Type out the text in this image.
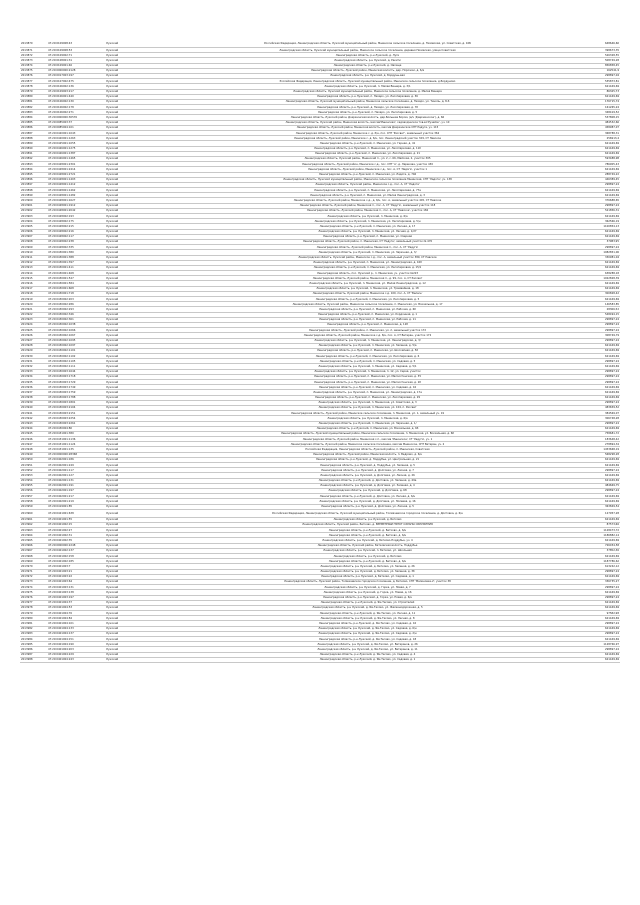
2013870	47:29:0109008:43	Лужский	Российская Федерация, Ленинградская область, Лужский муниципальный район, Мшинское сельское поселение, д. Низовская, ул. Советская, д. 10Б	648646,60
2013871	47:29:0109008:53	Лужский	Ленинградская область, Лужский муниципальный район, Мшинское сельское поселение, деревня Низовская, улица Советская	398673,35
2013872	47:29:0109002:71	Лужский	Ленинградская область, р-н Лужский, д. Луги	526328,55
2013873	47:29:0108001:31	Лужский	Ленинградская область, р-н Лужский, д. Ракити	508749,28
2013874	47:29:0109001:46	Лужский	Ленинградская область, р-н Лужский, д. Овсище	856858,45
2013875	47:29:0000000:2128	Лужский	Ленинградская область, Лужский район, Мшинская волость, дер. Порожки, д. 6/а	162541,9
2013876	47:29:0017003:197	Лужский	Ленинградская область, р-н Лужский, д. Бордуны-вая	298897,04
2013877	47:29:0107002:475	Лужский	Российская Федерация, Ленинградская область, Лужский муниципальный район, Мшинское сельское поселение, д.Бордуново	535873,81
2013878	47:29:0106002:136	Лужский	Ленинградская область, р-н Лужский, п. Малая Вишера, д. 3/1	621449,69
2013879	47:29:0109003:217	Лужский	Ленинградская область, Лужский муниципальный район, Мшинское сельское поселение, д. Малая Вишера	86345,73
2013880	47:29:0106001:440	Лужский	Ленинградская область, р-н Лужский, п. Пехаро, ул. Лесопарковая, д. 36	621449,69
2013881	47:29:0106002:130	Лужский	Ленинградская область, Лужский муниципальный район, Мшинское сельское поселение, д. Пехаро, ул. Тиноль, д. 8-б	176715,74
2013882	47:29:0106002:178	Лужский	Ленинградская область, р-н Лужский, д. Пехаро, ул. Лесопарковая, д. 7б	161265,24
2013883	47:29:0106002:271	Лужский	Ленинградская область, р-н Лужский, п. Пехаро, ул. Лесопарковая, д. 5	348419,52
2013884	47:29:0000000:30576	Лужский	Ленинградская область, Лужский район, Дзержинская волость, дер.Большие Бором, (в/ч 'Дзержинское'), д. 66	537808,15
2013885	47:29:0085003:37	Лужский	Ленинградская область, Лужский район, Мшинская волость, массив'Мшинская', садоводческое тов-во'Ручейок', уч. 10	484532,66
2013886	47:29:0085004:101	Лужский	Ленинградская область, Лужский район, Мшинская волость, массив Дзержинское СНТ Радуга, уч. 115	458987,07
2013887	47:29:0420001:1043	Лужский	Ленинградская область, Лужский район, Мшинское с. д. б/н, пос. СНТ 'Рассвет', земельный участок 362	368788,31
2013888	47:29:0420001:1263	Лужский	Ленинградская область, Лужский район, Мшинское с. д. б/н, пос. Ленинградский участок 329, СТ Невское	256913,4
2013889	47:29:0425001:1055	Лужский	Ленинградская область, р-н Лужский, п. Мшинская, ул. Гарная, д. 41	621449,69
2013890	47:29:0426001:1275	Лужский	Ленинградская область, р-н Лужский, п. Мшинская, ул. Лесопарковая, д. 11б	621449,69
2013891	47:29:0426001:1387	Лужский	Ленинградская область, р-н Лужский, п. Мшинская, ул. Лесопарковая, д. 21	621449,69
2013892	47:29:0426001:1465	Лужский	Ленинградская область, Лужский район, Мшинский п., ул. 2, с. 66, Майская, 2, участок 305	593488,98
2013893	47:29:0428001:2301	Лужский	Ленинградская область, Лужский район, Мшинское с.д., пос. СНТ 'А', д. Ларекова, участок 430	786905,43
2013894	47:29:0428001:2414	Лужский	Ленинградская область, Лужский район, Мшинское с.д., пос. А, СТ 'Ладога', участок 1	621449,69
2013895	47:29:0428001:2721	Лужский	Ленинградская область, р-н Лужский, п. Мшинская, ул. Ладога, д. 746	288749,22
2013896	47:29:0428001:1403	Лужский	Ленинградская область, Лужский муниципальный район, Мшинское сельское поселение Мшинская, СНТ 'Ладога', уч. 138	446389,45
2013897	47:29:0428001:1412	Лужский	Ленинградская область, Лужский район, Мшинское с.д., пос. А, СТ 'Ладога'	298897,24
2013898	47:29:0428001:1462	Лужский	Ленинградская область, р-н Лужский, п. Мшинская, ул. Лесопарковая, д. 77а	621449,69
2013899	47:29:0428001:1482	Лужский	Ленинградская область, р-н Лужский, п. Мшинская, ул. Малая Ленинградская, д. 3	621449,69
2013900	47:29:0428001:1627	Лужский	Ленинградская область, Лужский район, Мшинское с.д., д. б/н, пос. А, земельный участок 445, СТ Невское	376688,65
2013901	47:29:0428001:1912	Лужский	Ленинградская область, Лужский район, Мшинская п., пос. А, СТ 'Радуга', земельный участок 118	298897,24
2013902	47:29:0428001:2042	Лужский	Ленинградская область, Лужский район, Мшинская п., пос. А, СТ 'Невское', участок 184	521856,31
2013903	47:29:0428002:193	Лужский	Ленинградская область, р-н Лужский, п. Мшинская, д. 6/а	621449,69
2013904	47:29:0428002:175	Лужский	Ленинградская область, р-н Лужский, п. Мшинская, ул. Лесопарковая, д. 5/н	362566,19
2013905	47:29:0428002:215	Лужский	Ленинградская область, р-н Лужский, п. Мшинская, ул. Лесная, д. 17	1100854,13
2013906	47:29:0428002:216	Лужский	Ленинградская область, р-н Лужский, п. Мшинская, ул. Лесная, д. 1/27	621449,69
2013907	47:29:0428002:117	Лужский	Ленинградская область, р-н Лужский, п. Мшинская, ул. Озерная	621449,69
2013908	47:29:0428002:238	Лужский	Ленинградская область, Лужский район, п. Мшинская, СТ 'Радуга', земельный участок № 470	37983,95
2013909	47:29:0428002:335	Лужский	Ленинградская область, Лужский район, Мшинская п., пос. А, СТ 'Радуга'	298897,24
2013910	47:29:0430001:380	Лужский	Ленинградская область, р-н Лужский, п. Мшинская, ул. Заречная, д. 3/	1082851,06
2013911	47:29:0430001:388	Лужский	Ленинградская область, Лужский район, Мшинское с.д., пос. А, земельный участок 389, СТ Невское	330981,04
2013912	47:29:0430001:397	Лужский	Ленинградская область, р-н Лужский, п. Мшинская, ул. Ленинградская, д. 16б	621449,69
2013913	47:29:0430001:411	Лужский	Ленинградская область, р-н Лужский, п. Мшинская, ул. Лесопарковая, д. 15/1	621449,69
2013914	47:29:0430001:468	Лужский	Ленинградская область, пос. Лужский р., п. Мшинская, уч. участок №223	638288,18
2013915	47:29:0430001:547	Лужский	Ленинградская область, Лужский район, Мшинская п., д. 99, пос. А, СТ Рассвет	1022828,39
2013916	47:29:0430001:584	Лужский	Ленинградская область, р-н Лужский, п. Мшинская, ул. Малая Ленинградская, д. 12	621449,69
2013917	47:29:0430001:668	Лужский	Ленинградская область, р-н Лужский, п. Мшинская, ул. Трамвайная, д. 18	621449,69
2013918	47:29:0430001:718	Лужский	Ленинградская область, Лужский район, Мшинское с.д. 100, пос. А, СТ 'Велесь'	300828,42
2013919	47:29:0430002:203	Лужский	Ленинградская область, р-н Лужский, п. Мшинская, ул. Лесопарковая, д. 5	621449,69
2013920	47:29:0430002:286	Лужский	Ленинградская область, Лужский район, Мшинское сельское поселение, п. Мшинская, ул. Вокзальная, д. 17	146583,85
2013921	47:29:0430002:293	Лужский	Ленинградская область, р-н Лужский, п. Мшинская, ул. Рабочая, д. 6б	28366,52
2013922	47:29:0430002:346	Лужский	Ленинградская область, р-н Лужский, п. Мшинская, ул. Кордонная, д. 1	548494,15
2013923	47:29:0430002:361	Лужский	Ленинградская область, р-н Лужский, п. Мшинская, ул. Рабочая, д. 11	298897,24
2013924	47:29:0430002:1038	Лужский	Ленинградская область, р-н Лужский, п. Мшинская, д. 12б	298897,24
2013925	47:29:0430002:1066	Лужский	Ленинградская область, Лужский район, п. Мшинская, ул. 2, земельный участок 172	298897,24
2013926	47:29:0430002:1067	Лужский	Ленинградская область, Лужский район, Мшинское с.д. б/н, пос. А, СТ Ветеран, участок 172	308749,79
2013927	47:29:0430002:1095	Лужский	Ленинградская область, р-н Лужский, п. Мшинская, ул. Ленинградская, д. 3/	298897,24
2013928	47:29:0430002:1097	Лужский	Ленинградская область, р-н Лужский, п. Мшинская, ул. Зеленая, д. 5/а	621449,69
2013929	47:29:0430002:1101	Лужский	Ленинградская область, р-н Лужский, п. Мшинская, ул. Шоссейная, д. 5б	621449,69
2013930	47:29:0430002:1102	Лужский	Ленинградская область, р-н Лужский, п. Мшинская, ул. Лесопарковая, д. 6	621449,69
2013931	47:29:0430002:1105	Лужский	Ленинградская область, р-н Лужский, п. Мшинская, ул. Садовая, д. 5	298897,24
2013932	47:29:0430002:1111	Лужский	Ленинградская область, р-н Лужский, п. Мшинская, ул. Садовая, д. 5/1	621449,69
2013933	47:29:0430003:1644	Лужский	Ленинградская область, р-н Лужский, п. Мшинская, п. 12, ул. Серая, участок	298897,24
2013934	47:29:0430003:1718	Лужский	Ленинградская область, р-н Лужский, п. Мшинская, ул. Малоохтенская, д. 35	298897,24
2013935	47:29:0430003:1729	Лужский	Ленинградская область, р-н Лужский, п. Мшинская, ул. Малоохтенская, д. 2б	298897,24
2013936	47:29:0430003:1749	Лужский	Ленинградская область, р-н Лужский, п. Мшинская, ул. Садовая, д. 16	621449,69
2013937	47:29:0430003:1759	Лужский	Ленинградская область, р-н Лужский, п. Мшинская, ул. Ленинградская, д. 17а	621449,69
2013938	47:29:0430003:1788	Лужский	Ленинградская область, р-н Лужский, п. Мшинская, ул. Лесопарковая, д. 29	621449,69
2013939	47:29:0430003:1801	Лужский	Ленинградская область, р-н Лужский, п. Мшинская, ул. Советская, д. 3	298897,24
2013940	47:29:0430003:2104	Лужский	Ленинградская область, р-н Лужский, п. Мшинская, ул. 104, п. Рассвет	483659,52
2013941	47:29:0430003:2151	Лужский	Ленинградская область, Лужский район, Мшинское сельское поселение, п. Мшинская, ул. 1, земельный уч. 19	384569,07
2013942	47:29:0430003:2254	Лужский	Ленинградская область, р-н Лужский, п. Мшинская, д. 6/а	306748,28
2013943	47:29:0430003:2261	Лужский	Ленинградская область, р-н Лужский, п. Мшинская, ул. Заречная, д. 1/	298897,24
2013944	47:29:0430004:80	Лужский	Ленинградская область, р-н Лужский, п. Мшинская, ул. Вокзальная, д. 6б	621449,69
2013945	47:29:0431001:380	Лужский	Ленинградская область, Лужский муниципальный район, Мшинское сельское поселение, п. Мшинская, ул. Вокзальная, д. 6б	758681,72
2013946	47:29:0431001:1136	Лужский	Ленинградская область, Лужский район, Мшинская с.п., массив 'Мшинское', СТ 'Радуга', уч. 1	183648,42
2013947	47:29:0431001:1124	Лужский	Ленинградская область, Лужский район, Мшинское сельское поселение, массив Мшинское, СНТ Ветеран, уч. 2	278894,34
2013948	47:29:0431001:135	Лужский	Российская Федерация, Ленинградская область, Лужский район, п. Мшинская, Советская	1453668,19
2013949	47:29:0000000:28368	Лужский	Ленинградская область, Лужский район, Мшинская волость, п. Ведрово, д. 6/н	568298,28
2013950	47:29:0402001:186	Лужский	Ленинградская область, р-н Лужский, д. Поддубье, ул. Центральная, д. 21	621449,69
2013951	47:29:0402001:249	Лужский	Ленинградская область, р-н Лужский, д. Поддубье, ул. Зеленая, д. 5	621449,69
2013952	47:29:0402001:117	Лужский	Ленинградская область, р-н Лужский, д. Долговка, ул. Лесная, д. 7	298897,24
2013953	47:29:0402001:127	Лужский	Ленинградская область, р-н Лужский, д. Долговка, ул. Лесная, д. 26	621449,69
2013954	47:29:0402001:131	Лужский	Ленинградская область, р-н Лужский, д. Долговка, ул. Зеленая, д. 49а	621449,69
2013955	47:29:0402001:191	Лужский	Ленинградская область, р-н Лужский, д. Долговка, ул. Зеленая, д. 4	484669,75
2013956	47:29:0402001:197	Лужский	Ленинградская область, р-н Лужский, д. Долговка, д. 68	298897,24
2013957	47:29:0402001:217	Лужский	Ленинградская область, р-н Лужский, д. Долговка, ул. Лесная, д. 6/н	621449,69
2013958	47:29:0402001:219	Лужский	Ленинградская область, р-н Лужский, д. Долговка, ул. Полевая, д. 16	621449,69
2013959	47:29:0419001:85	Лужский	Ленинградская область, р-н Лужский, д. Долговка, ул. Лесная, д. 5	363849,54
2013960	47:29:0421001:638	Лужский	Российская Федерация, Ленинградская область, Лужский муниципальный район, Толмачевское городское поселение, д. Долговка, д. 6/н	127957,28
2013961	47:29:0401001:55	Лужский	Ленинградская область, р-н Лужский, д. Бетково	621449,69
2013962	47:29:0401002:15	Лужский	Ленинградская область, Лужский район, Бетково, д. ВРЕМЕННЫЙ ПУНКТ ОХРАНЫ ОКРУЖЕНИЯ	87573,66
2013963	47:29:0401002:27	Лужский	Ленинградская область, р-н Лужский, д. Бетково, д. 6/н	1128473,72
2013964	47:29:0401002:31	Лужский	Ленинградская область, р-н Лужский, д. Бетково, д. 6/н	1186882,14
2013965	47:29:0401002:35	Лужский	Ленинградская область, р-н Лужский, д. Бетково-Поддубье, уч. 4	621449,69
2013966	47:29:0000000:2248	Лужский	Ленинградская область, Лужский район, Бетковская волость, Поддубье	726034,58
2013967	47:29:0401002:137	Лужский	Ленинградская область, р-н Лужский, п. Бетково, ул. Школьная	37852,36
2013968	47:29:0401002:158	Лужский	Ленинградская область, р-н Лужский, д. Бетково	621449,69
2013969	47:29:0401002:185	Лужский	Ленинградская область, р-н Лужский, д. Бетково, д. 6/н	1187786,62
2013970	47:29:0401003:7	Лужский	Ленинградская область, р-н Лужский, д. Бетково, ул. Зеленая, д. 26	613242,12
2013971	47:29:0401003:21	Лужский	Ленинградская область, р-н Лужский, д. Бетково, ул. Зеленая, д. 3б	298897,24
2013972	47:29:0401003:22	Лужский	Ленинградская область, р-н Лужский, д. Бетково, ул. Садовая, д. 1	621449,69
2013973	47:29:0401003:64	Лужский	Ленинградская область, Лужский район, Толмачевское городское поселение, д. Бетково, СНТ 'Малиновка-2', участок 38	336735,27
2013974	47:29:0401003:131	Лужский	Ленинградская область, р-н Лужский, д. Горка, ул. Новая, д. 7	298897,24
2013975	47:29:0401003:138	Лужский	Ленинградская область, р-н Лужский, д. Горка, ул. Новая, д. 16	621449,69
2013976	47:29:0401003:197	Лужский	Ленинградская область, р-н Лужский, д. Горка, ул. Новая, д. 6/н	298897,24
2013977	47:29:0401004:37	Лужский	Ленинградская область, р-н Лужский, д. Ям-Тесово, ул. Строителей	621449,69
2013978	47:29:0401004:53	Лужский	Ленинградская область, р-н Лужский, д. Ям-Тесово, ул. Железнодорожная, д. 5	621449,69
2013979	47:29:0401004:76	Лужский	Ленинградская область, р-н Лужский, д. Ям-Тесово, ул. Лесная, д. 11	97582,98
2013980	47:29:0401004:84	Лужский	Ленинградская область, р-н Лужский, д. Ям-Тесово, ул. Лесная, д. 8	621449,69
2013981	47:29:0401004:101	Лужский	Ленинградская область, р-н Лужский, д. Ям-Тесово, ул. Садовая, д. 16	298897,24
2013982	47:29:0401004:133	Лужский	Ленинградская область, р-н Лужский, д. Ям-Тесово, ул. Садовая, д. 6/н	621449,69
2013983	47:29:0401004:137	Лужский	Ленинградская область, р-н Лужский, д. Ям-Тесово, ул. Садовая, д. 2/н	298897,24
2013984	47:29:0401004:151	Лужский	Ленинградская область, р-н Лужский, д. Ям-Тесово, ул. Садовая, д. 18	621449,69
2013985	47:29:0401004:190	Лужский	Ленинградская область, р-н Лужский, д. Ям-Тесово, ул. Ветеранов, д. 26	1128766,97
2013986	47:29:0401004:203	Лужский	Ленинградская область, р-н Лужский, д. Ям-Тесово, ул. Ветеранов, д. 11	298897,24
2013987	47:29:0401004:229	Лужский	Ленинградская область, р-н Лужский, д. Ям-Тесово, ул. Садовая, д. 4	621449,69
2013988	47:29:0401004:243	Лужский	Ленинградская область, р-н Лужский, д. Ям-Тесово, ул. Садовая, д. 1	621449,69
